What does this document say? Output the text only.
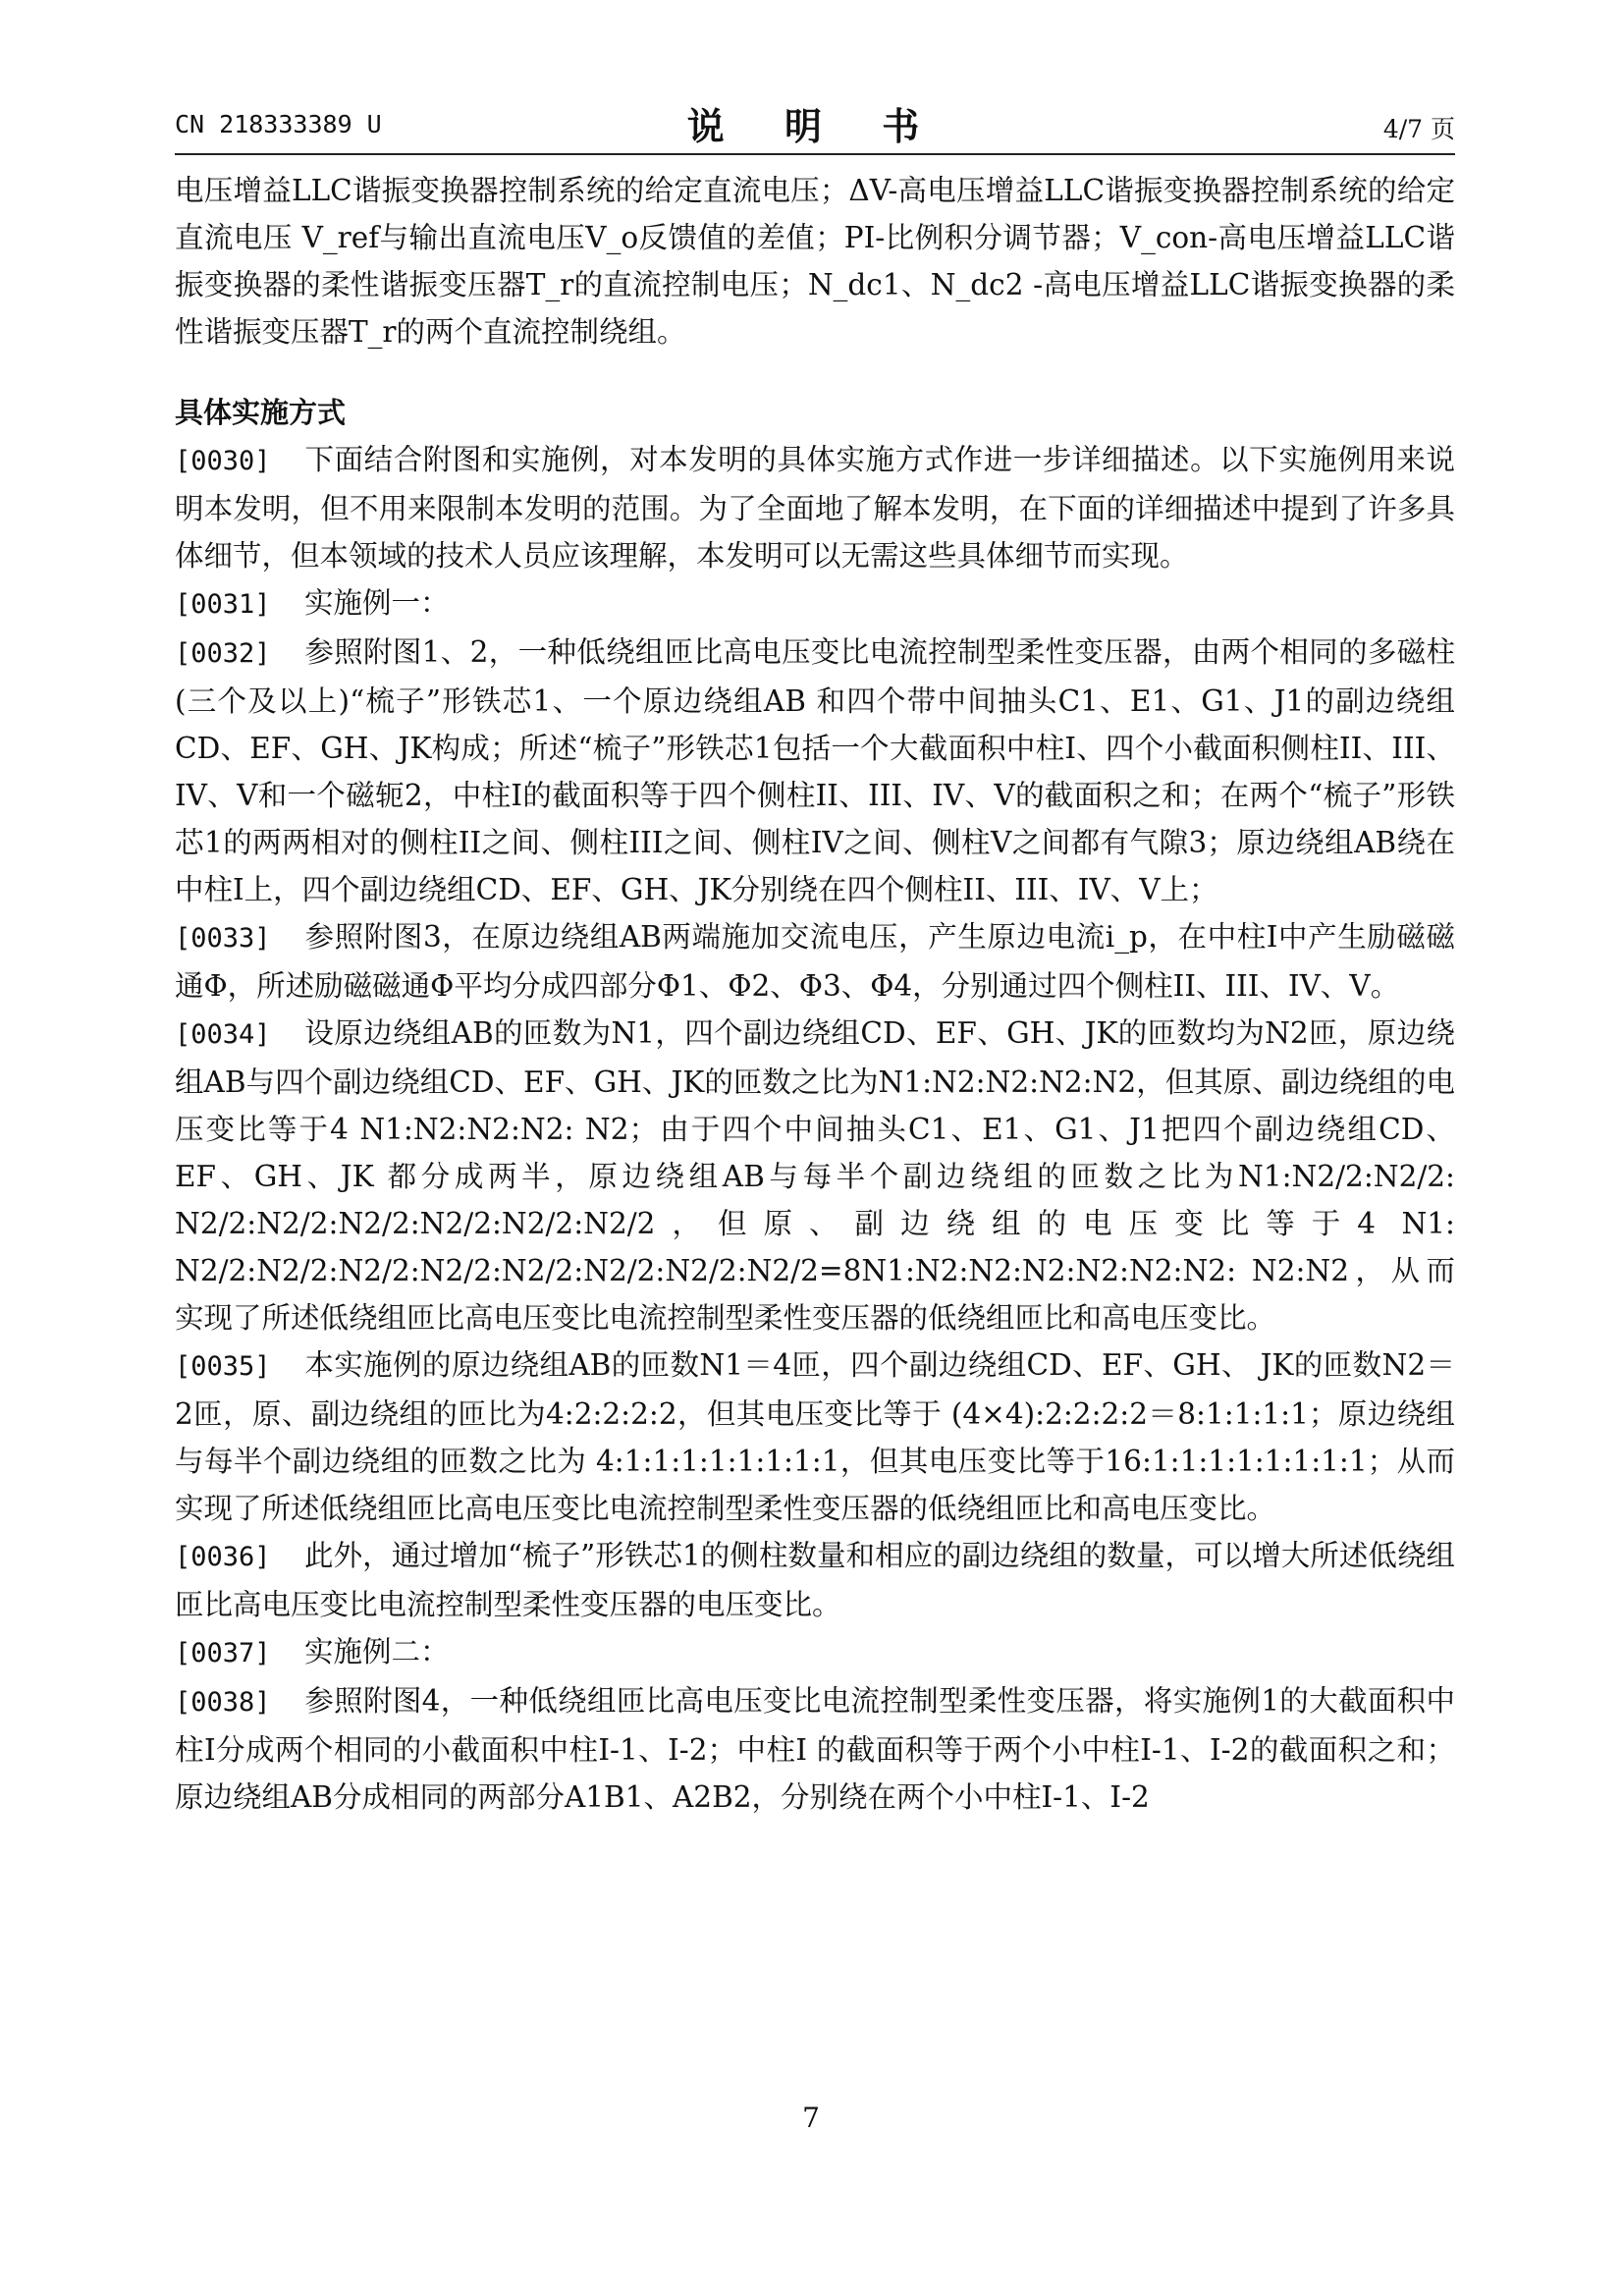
CN 218333389 U	说 明 书	4/7 页

电压增益LLC谐振变换器控制系统的给定直流电压；ΔV-高电压增益LLC谐振变换器控制系统的给定直流电压 V_ref与输出直流电压V_o反馈值的差值；PI-比例积分调节器；V_con-高电压增益LLC谐振变换器的柔性谐振变压器T_r的直流控制电压；N_dc1、N_dc2 -高电压增益LLC谐振变换器的柔性谐振变压器T_r的两个直流控制绕组。

具体实施方式

[0030] 下面结合附图和实施例，对本发明的具体实施方式作进一步详细描述。以下实施例用来说明本发明，但不用来限制本发明的范围。为了全面地了解本发明，在下面的详细描述中提到了许多具体细节，但本领域的技术人员应该理解，本发明可以无需这些具体细节而实现。

[0031] 实施例一：

[0032] 参照附图1、2，一种低绕组匝比高电压变比电流控制型柔性变压器，由两个相同的多磁柱(三个及以上)“梳子”形铁芯1、一个原边绕组AB 和四个带中间抽头C1、E1、G1、J1的副边绕组CD、EF、GH、JK构成；所述“梳子”形铁芯1包括一个大截面积中柱I、四个小截面积侧柱II、III、IV、V和一个磁轭2，中柱I的截面积等于四个侧柱II、III、IV、V的截面积之和；在两个“梳子”形铁芯1的两两相对的侧柱II之间、侧柱III之间、侧柱IV之间、侧柱V之间都有气隙3；原边绕组AB绕在中柱I上，四个副边绕组CD、EF、GH、JK分别绕在四个侧柱II、III、IV、V上；

[0033] 参照附图3，在原边绕组AB两端施加交流电压，产生原边电流i_p，在中柱I中产生励磁磁通Φ，所述励磁磁通Φ平均分成四部分Φ1、Φ2、Φ3、Φ4，分别通过四个侧柱II、III、IV、V。

[0034] 设原边绕组AB的匝数为N1，四个副边绕组CD、EF、GH、JK的匝数均为N2匝，原边绕组AB与四个副边绕组CD、EF、GH、JK的匝数之比为N1:N2:N2:N2:N2，但其原、副边绕组的电压变比等于4 N1:N2:N2:N2: N2；由于四个中间抽头C1、E1、G1、J1把四个副边绕组CD、EF、GH、JK 都分成两半，原边绕组AB与每半个副边绕组的匝数之比为N1:N2/2:N2/2: N2/2:N2/2:N2/2:N2/2:N2/2:N2/2，但原、副边绕组的电压变比等于4 N1: N2/2:N2/2:N2/2:N2/2:N2/2:N2/2:N2/2:N2/2=8N1:N2:N2:N2:N2:N2:N2: N2:N2，从而实现了所述低绕组匝比高电压变比电流控制型柔性变压器的低绕组匝比和高电压变比。

[0035] 本实施例的原边绕组AB的匝数N1＝4匝，四个副边绕组CD、EF、GH、 JK的匝数N2＝2匝，原、副边绕组的匝比为4:2:2:2:2，但其电压变比等于 (4×4):2:2:2:2＝8:1:1:1:1；原边绕组与每半个副边绕组的匝数之比为 4:1:1:1:1:1:1:1:1，但其电压变比等于16:1:1:1:1:1:1:1:1；从而实现了所述低绕组匝比高电压变比电流控制型柔性变压器的低绕组匝比和高电压变比。

[0036] 此外，通过增加“梳子”形铁芯1的侧柱数量和相应的副边绕组的数量，可以增大所述低绕组匝比高电压变比电流控制型柔性变压器的电压变比。

[0037] 实施例二：

[0038] 参照附图4，一种低绕组匝比高电压变比电流控制型柔性变压器，将实施例1的大截面积中柱I分成两个相同的小截面积中柱I-1、I-2；中柱I 的截面积等于两个小中柱I-1、I-2的截面积之和；原边绕组AB分成相同的两部分A1B1、A2B2，分别绕在两个小中柱I-1、I-2

7
